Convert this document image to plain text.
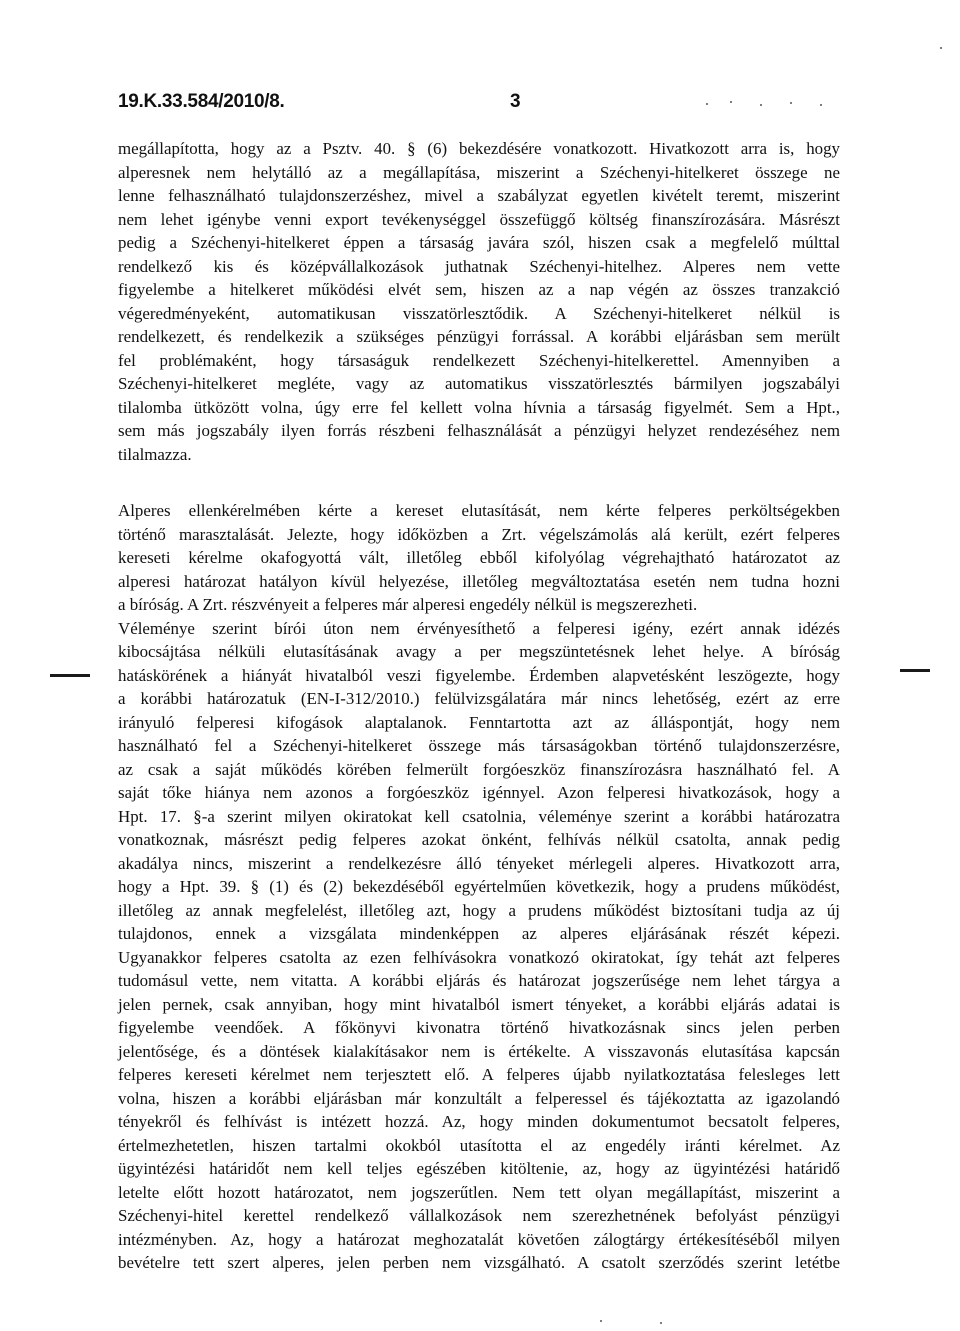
19.K.33.584/2010/8.	3
megállapította, hogy az a Psztv. 40. § (6) bekezdésére vonatkozott. Hivatkozott arra is, hogy
alperesnek nem helytálló az a megállapítása, miszerint a Széchenyi-hitelkeret összege ne
lenne felhasználható tulajdonszerzéshez, mivel a szabályzat egyetlen kivételt teremt, miszerint
nem lehet igénybe venni export tevékenységgel összefüggő költség finanszírozására. Másrészt
pedig a Széchenyi-hitelkeret éppen a társaság javára szól, hiszen csak a megfelelő múlttal
rendelkező kis és középvállalkozások juthatnak Széchenyi-hitelhez. Alperes nem vette
figyelembe a hitelkeret működési elvét sem, hiszen az a nap végén az összes tranzakció
végeredményeként, automatikusan visszatörlesztődik. A Széchenyi-hitelkeret nélkül is
rendelkezett, és rendelkezik a szükséges pénzügyi forrással. A korábbi eljárásban sem merült
fel problémaként, hogy társaságuk rendelkezett Széchenyi-hitelkerettel. Amennyiben a
Széchenyi-hitelkeret megléte, vagy az automatikus visszatörlesztés bármilyen jogszabályi
tilalomba ütközött volna, úgy erre fel kellett volna hívnia a társaság figyelmét. Sem a Hpt.,
sem más jogszabály ilyen forrás részbeni felhasználását a pénzügyi helyzet rendezéséhez nem
tilalmazza.
Alperes ellenkérelmében kérte a kereset elutasítását, nem kérte felperes perköltségekben
történő marasztalását. Jelezte, hogy időközben a Zrt. végelszámolás alá került, ezért felperes
kereseti kérelme okafogyottá vált, illetőleg ebből kifolyólag végrehajtható határozatot az
alperesi határozat hatályon kívül helyezése, illetőleg megváltoztatása esetén nem tudna hozni
a bíróság. A Zrt. részvényeit a felperes már alperesi engedély nélkül is megszerezheti.
Véleménye szerint bírói úton nem érvényesíthető a felperesi igény, ezért annak idézés
kibocsájtása nélküli elutasításának avagy a per megszüntetésnek lehet helye. A bíróság
hatáskörének a hiányát hivatalból veszi figyelembe. Érdemben alapvetésként leszögezte, hogy
a korábbi határozatuk (EN-I-312/2010.) felülvizsgálatára már nincs lehetőség, ezért az erre
irányuló felperesi kifogások alaptalanok. Fenntartotta azt az álláspontját, hogy nem
használható fel a Széchenyi-hitelkeret összege más társaságokban történő tulajdonszerzésre,
az csak a saját működés körében felmerült forgóeszköz finanszírozásra használható fel. A
saját tőke hiánya nem azonos a forgóeszköz igénnyel. Azon felperesi hivatkozások, hogy a
Hpt. 17. §-a szerint milyen okiratokat kell csatolnia, véleménye szerint a korábbi határozatra
vonatkoznak, másrészt pedig felperes azokat önként, felhívás nélkül csatolta, annak pedig
akadálya nincs, miszerint a rendelkezésre álló tényeket mérlegeli alperes. Hivatkozott arra,
hogy a Hpt. 39. § (1) és (2) bekezdéséből egyértelműen következik, hogy a prudens működést,
illetőleg az annak megfelelést, illetőleg azt, hogy a prudens működést biztosítani tudja az új
tulajdonos, ennek a vizsgálata mindenképpen az alperes eljárásának részét képezi.
Ugyanakkor felperes csatolta az ezen felhívásokra vonatkozó okiratokat, így tehát azt felperes
tudomásul vette, nem vitatta. A korábbi eljárás és határozat jogszerűsége nem lehet tárgya a
jelen pernek, csak annyiban, hogy mint hivatalból ismert tényeket, a korábbi eljárás adatai is
figyelembe veendőek. A főkönyvi kivonatra történő hivatkozásnak sincs jelen perben
jelentősége, és a döntések kialakításakor nem is értékelte. A visszavonás elutasítása kapcsán
felperes kereseti kérelmet nem terjesztett elő. A felperes újabb nyilatkoztatása felesleges lett
volna, hiszen a korábbi eljárásban már konzultált a felperessel és tájékoztatta az igazolandó
tényekről és felhívást is intézett hozzá. Az, hogy minden dokumentumot becsatolt felperes,
értelmezhetetlen, hiszen tartalmi okokból utasította el az engedély iránti kérelmet. Az
ügyintézési határidőt nem kell teljes egészében kitöltenie, az, hogy az ügyintézési határidő
letelte előtt hozott határozatot, nem jogszerűtlen. Nem tett olyan megállapítást, miszerint a
Széchenyi-hitel kerettel rendelkező vállalkozások nem szerezhetnének befolyást pénzügyi
intézményben. Az, hogy a határozat meghozatalát követően zálogtárgy értékesítéséből milyen
bevételre tett szert alperes, jelen perben nem vizsgálható. A csatolt szerződés szerint letétbe
